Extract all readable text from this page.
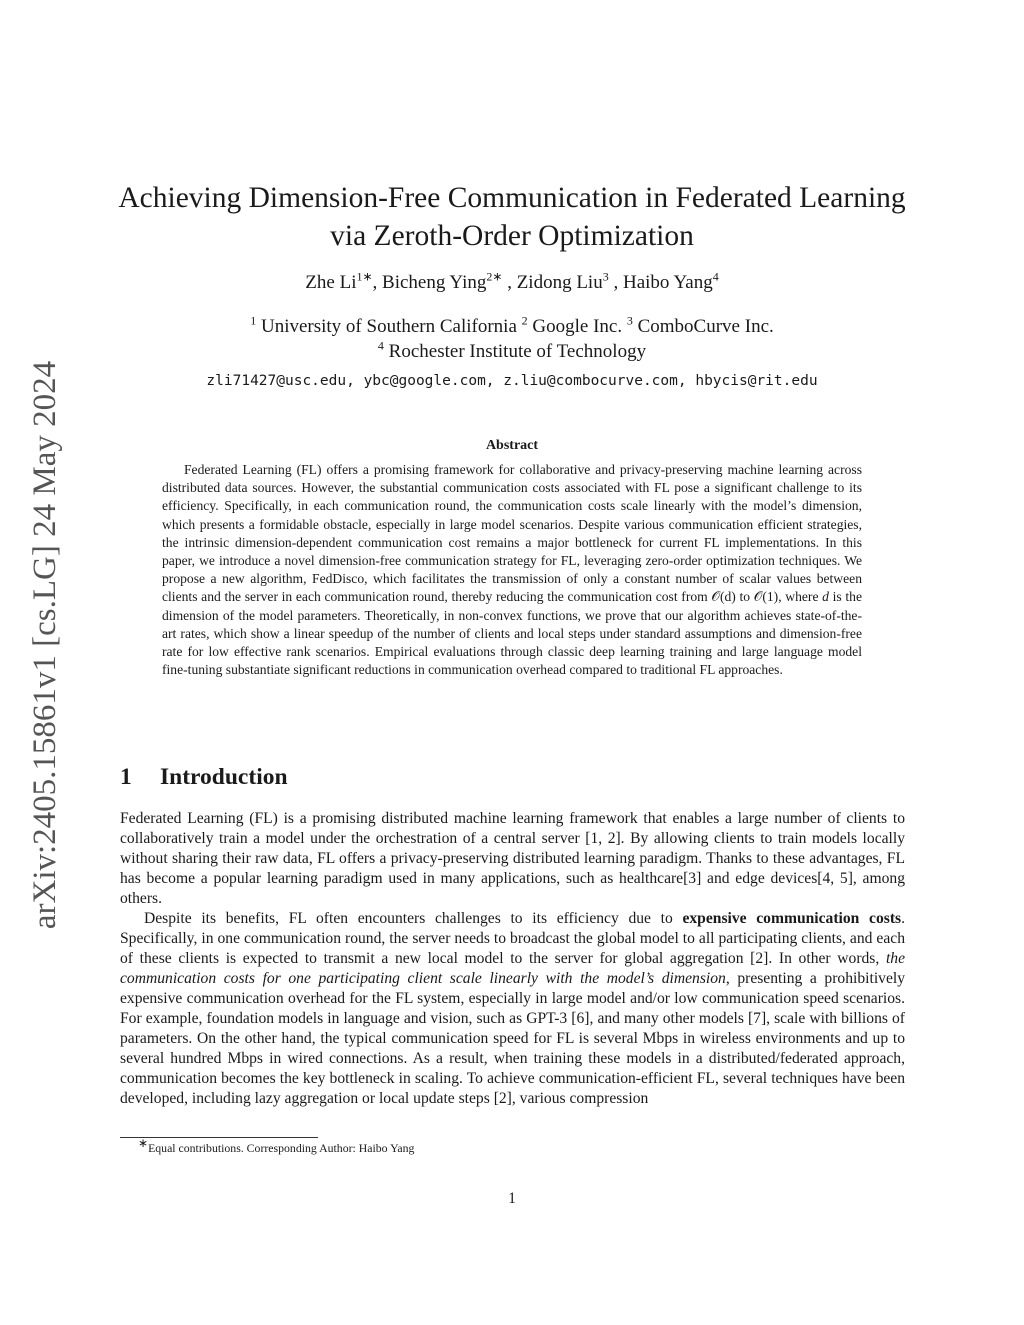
arXiv:2405.15861v1 [cs.LG] 24 May 2024
Achieving Dimension-Free Communication in Federated Learning
via Zeroth-Order Optimization
Zhe $Li^{1∗}$, Bicheng Ying$^{2∗}$ , Zidong Liu$^3$ , Haibo Yang$^4$
$^1$ University of Southern California $^2$ Google Inc. $^3$ ComboCurve Inc.
$^4$ Rochester Institute of Technology
zli71427@usc.edu, ybc@google.com, z.liu@combocurve.com, hbycis@rit.edu
Abstract
Federated Learning (FL) offers a promising framework for collaborative and privacy-preserving machine learning across distributed data sources. However, the substantial communication costs associated with FL pose a significant challenge to its efficiency. Specifically, in each communication round, the communication costs scale linearly with the model’s dimension, which presents a formidable obstacle, especially in large model scenarios. Despite various communication efficient strategies, the intrinsic dimension-dependent communication cost remains a major bottleneck for current FL implementations. In this paper, we introduce a novel dimension-free communication strategy for FL, leveraging zero-order optimization techniques. We propose a new algorithm, FedDisco, which facilitates the transmission of only a constant number of scalar values between clients and the server in each communication round, thereby reducing the communication cost from 𝒪(d) to 𝒪(1), where d is the dimension of the model parameters. Theoretically, in non-convex functions, we prove that our algorithm achieves state-of-the-art rates, which show a linear speedup of the number of clients and local steps under standard assumptions and dimension-free rate for low effective rank scenarios. Empirical evaluations through classic deep learning training and large language model fine-tuning substantiate significant reductions in communication overhead compared to traditional FL approaches.
1 Introduction
Federated Learning (FL) is a promising distributed machine learning framework that enables a large number of clients to collaboratively train a model under the orchestration of a central server [1, 2]. By allowing clients to train models locally without sharing their raw data, FL offers a privacy-preserving distributed learning paradigm. Thanks to these advantages, FL has become a popular learning paradigm used in many applications, such as healthcare[3] and edge devices[4, 5], among others.
Despite its benefits, FL often encounters challenges to its efficiency due to expensive communication costs. Specifically, in one communication round, the server needs to broadcast the global model to all participating clients, and each of these clients is expected to transmit a new local model to the server for global aggregation [2]. In other words, the communication costs for one participating client scale linearly with the model’s dimension, presenting a prohibitively expensive communication overhead for the FL system, especially in large model and/or low communication speed scenarios. For example, foundation models in language and vision, such as GPT-3 [6], and many other models [7], scale with billions of parameters. On the other hand, the typical communication speed for FL is several Mbps in wireless environments and up to several hundred Mbps in wired connections. As a result, when training these models in a distributed/federated approach, communication becomes the key bottleneck in scaling. To achieve communication-efficient FL, several techniques have been developed, including lazy aggregation or local update steps [2], various compression
∗Equal contributions. Corresponding Author: Haibo Yang
1
